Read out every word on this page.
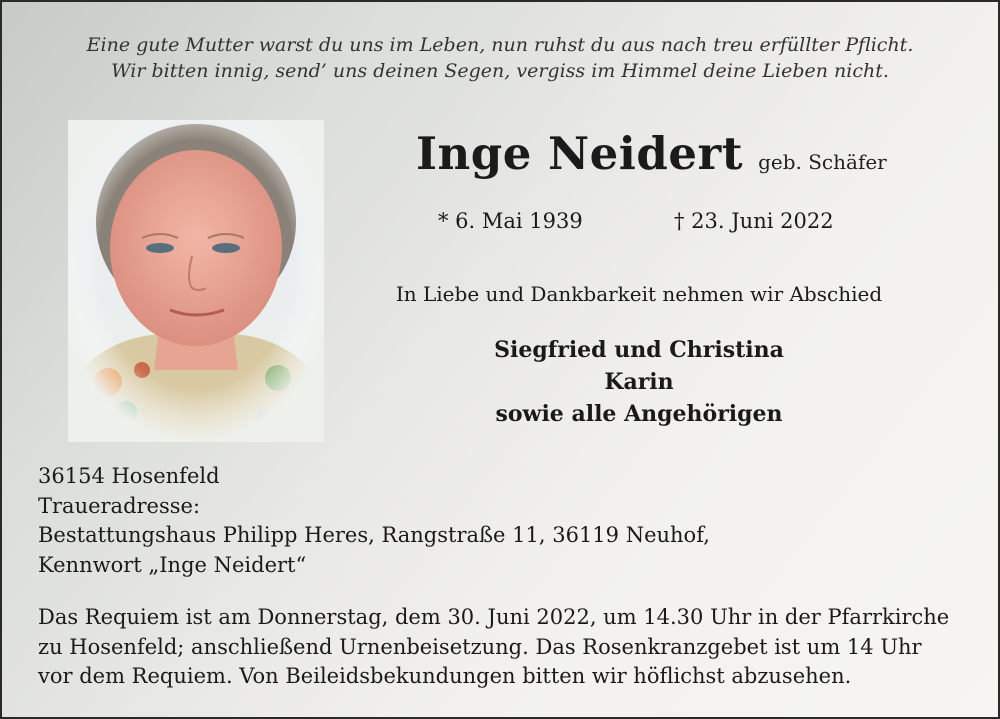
Eine gute Mutter warst du uns im Leben, nun ruhst du aus nach treu erfüllter Pflicht.
Wir bitten innig, send’ uns deinen Segen, vergiss im Himmel deine Lieben nicht.
Inge Neidert geb. Schäfer
* 6. Mai 1939	† 23. Juni 2022
In Liebe und Dankbarkeit nehmen wir Abschied
Siegfried und Christina
Karin
sowie alle Angehörigen
36154 Hosenfeld
Traueradresse:
Bestattungshaus Philipp Heres, Rangstraße 11, 36119 Neuhof,
Kennwort „Inge Neidert“
Das Requiem ist am Donnerstag, dem 30. Juni 2022, um 14.30 Uhr in der Pfarrkirche
zu Hosenfeld; anschließend Urnenbeisetzung. Das Rosenkranzgebet ist um 14 Uhr
vor dem Requiem. Von Beileidsbekundungen bitten wir höflichst abzusehen.
